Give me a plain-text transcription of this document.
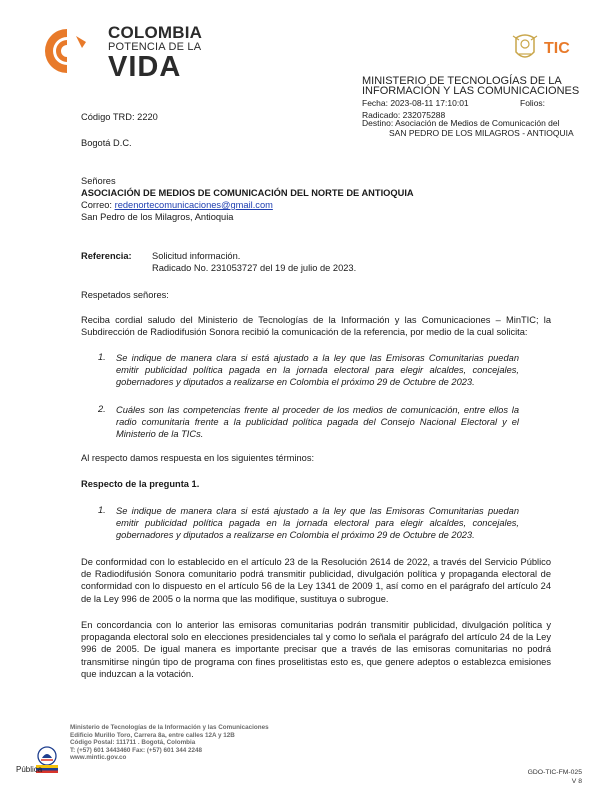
COLOMBIA
POTENCIA DE LA
VIDA
TIC
MINISTERIO DE TECNOLOGÍAS DE LA INFORMACIÓN Y LAS COMUNICACIONES
Fecha: 2023-08-11 17:10:01	Folios:
Radicado: 232075288
Destino: Asociación de Medios de Comunicación del
SAN PEDRO DE LOS MILAGROS - ANTIOQUIA
Código TRD: 2220
Bogotá D.C.
Señores
ASOCIACIÓN DE MEDIOS DE COMUNICACIÓN DEL NORTE DE ANTIOQUIA
Correo: redenortecomunicaciones@gmail.com
San Pedro de los Milagros, Antioquia
Referencia: Solicitud información.
Radicado No. 231053727 del 19 de julio de 2023.
Respetados señores:
Reciba cordial saludo del Ministerio de Tecnologías de la Información y las Comunicaciones – MinTIC; la Subdirección de Radiodifusión Sonora recibió la comunicación de la referencia, por medio de la cual solicita:
1. Se indique de manera clara si está ajustado a la ley que las Emisoras Comunitarias puedan emitir publicidad política pagada en la jornada electoral para elegir alcaldes, concejales, gobernadores y diputados a realizarse en Colombia el próximo 29 de Octubre de 2023.
2. Cuáles son las competencias frente al proceder de los medios de comunicación, entre ellos la radio comunitaria frente a la publicidad política pagada del Consejo Nacional Electoral y el Ministerio de la TICs.
Al respecto damos respuesta en los siguientes términos:
Respecto de la pregunta 1.
1. Se indique de manera clara si está ajustado a la ley que las Emisoras Comunitarias puedan emitir publicidad política pagada en la jornada electoral para elegir alcaldes, concejales, gobernadores y diputados a realizarse en Colombia el próximo 29 de Octubre de 2023.
De conformidad con lo establecido en el artículo 23 de la Resolución 2614 de 2022, a través del Servicio Público de Radiodifusión Sonora comunitario podrá transmitir publicidad, divulgación política y propaganda electoral de conformidad con lo dispuesto en el artículo 56 de la Ley 1341 de 2009 1, así como en el parágrafo del artículo 24 de la Ley 996 de 2005 o la norma que las modifique, sustituya o subrogue.
En concordancia con lo anterior las emisoras comunitarias podrán transmitir publicidad, divulgación política y propaganda electoral solo en elecciones presidenciales tal y como lo señala el parágrafo del artículo 24 de la Ley 996 de 2005. De igual manera es importante precisar que a través de las emisoras comunitarias no podrá transmitirse ningún tipo de programa con fines proselitistas esto es, que genere adeptos o establezca emisiones que induzcan a la votación.
Ministerio de Tecnologías de la Información y las Comunicaciones
Edificio Murillo Toro, Carrera 8a, entre calles 12A y 12B
Código Postal: 111711 . Bogotá, Colombia
T: (+57) 601 3443460 Fax: (+57) 601 344 2248
www.mintic.gov.co
Pública	GDO-TIC-FM-025
V 8
